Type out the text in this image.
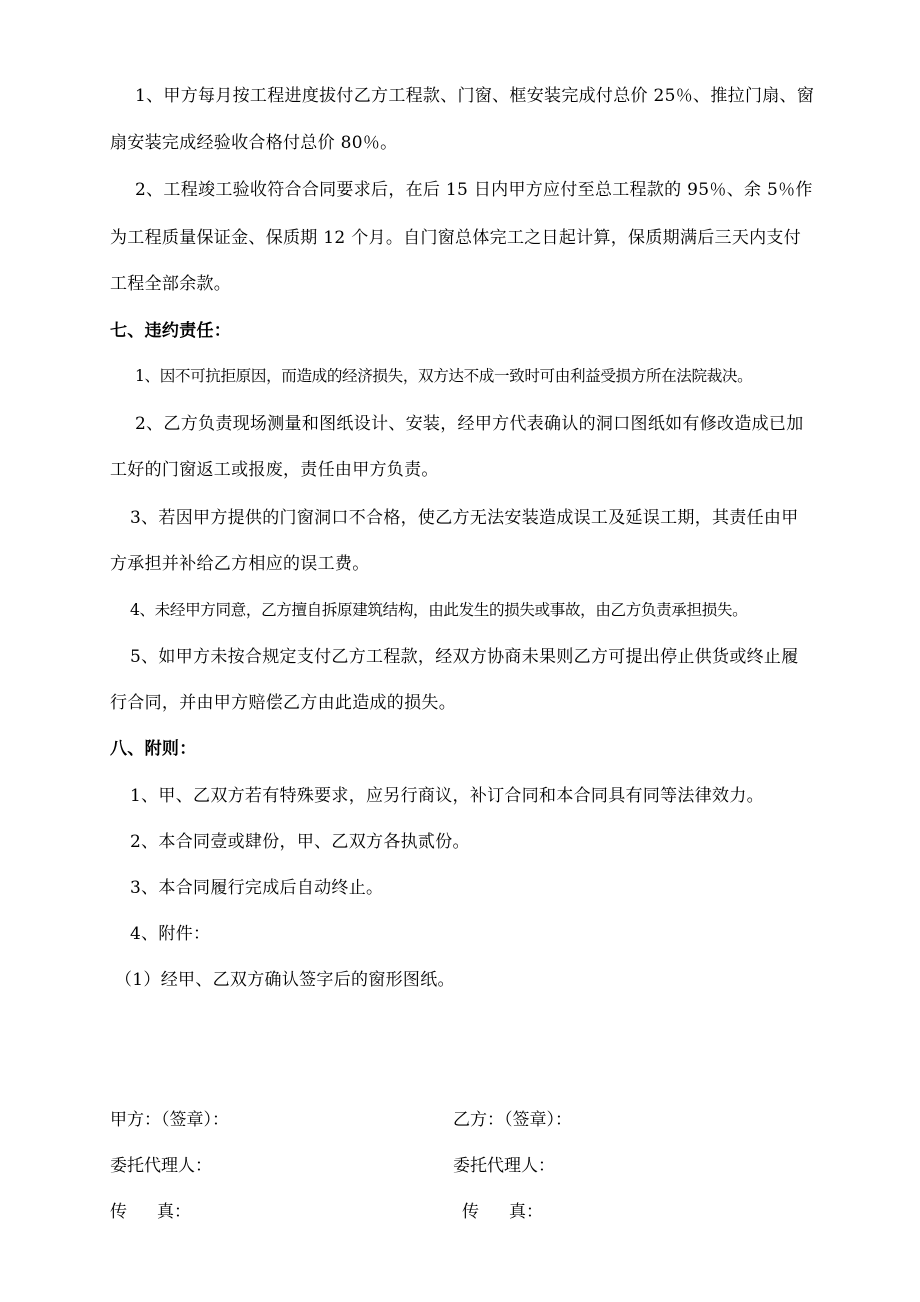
1、甲方每月按工程进度拔付乙方工程款、门窗、框安装完成付总价 25％、推拉门扇、窗
扇安装完成经验收合格付总价 80％。
2、工程竣工验收符合合同要求后，在后 15 日内甲方应付至总工程款的 95％、余 5％作
为工程质量保证金、保质期 12 个月。自门窗总体完工之日起计算，保质期满后三天内支付
工程全部余款。
七、违约责任：
1、因不可抗拒原因，而造成的经济损失，双方达不成一致时可由利益受损方所在法院裁决。
2、乙方负责现场测量和图纸设计、安装，经甲方代表确认的洞口图纸如有修改造成已加
工好的门窗返工或报废，责任由甲方负责。
3、若因甲方提供的门窗洞口不合格，使乙方无法安装造成误工及延误工期，其责任由甲
方承担并补给乙方相应的误工费。
4、未经甲方同意，乙方擅自拆原建筑结构，由此发生的损失或事故，由乙方负责承担损失。
5、如甲方未按合规定支付乙方工程款，经双方协商未果则乙方可提出停止供货或终止履
行合同，并由甲方赔偿乙方由此造成的损失。
八、附则：
1、甲、乙双方若有特殊要求，应另行商议，补订合同和本合同具有同等法律效力。
2、本合同壹或肆份，甲、乙双方各执贰份。
3、本合同履行完成后自动终止。
4、附件：
（1）经甲、乙双方确认签字后的窗形图纸。
甲方：（签章）：	乙方：（签章）：
委托代理人：	委托代理人：
传 真：	传 真：
